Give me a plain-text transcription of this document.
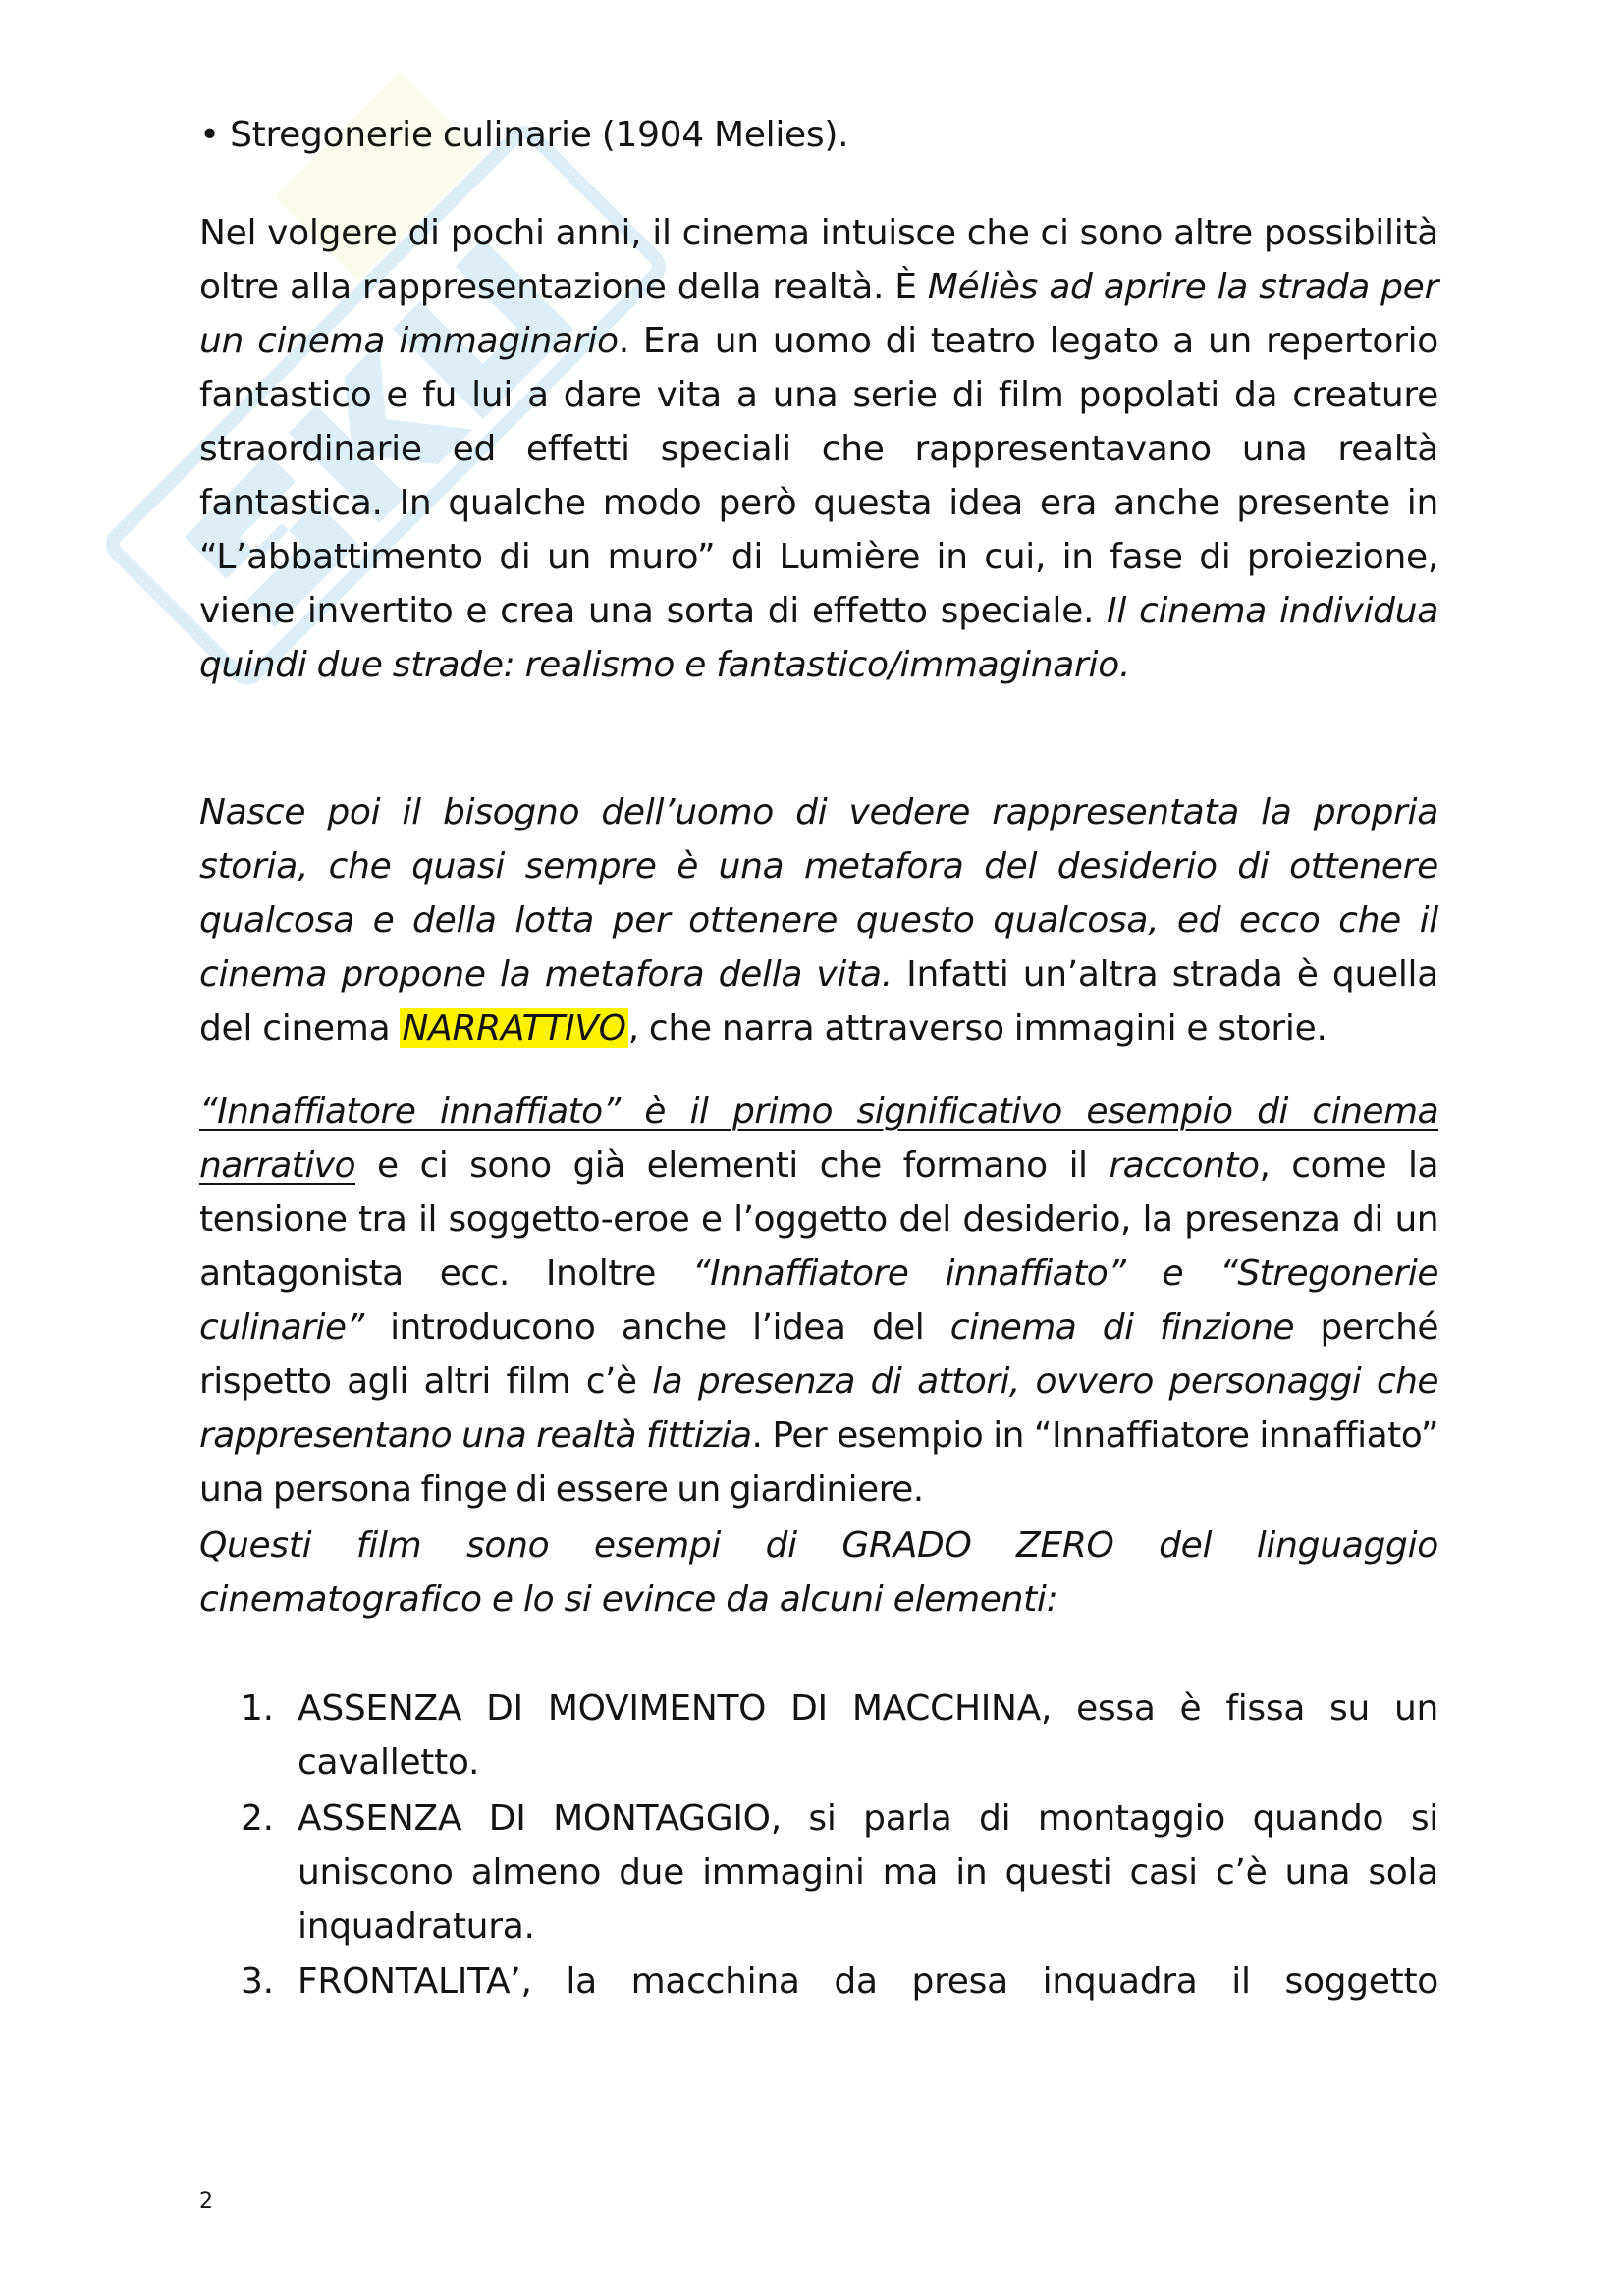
• Stregonerie culinarie (1904 Melies).

Nel volgere di pochi anni, il cinema intuisce che ci sono altre possibilità oltre alla rappresentazione della realtà. È Méliès ad aprire la strada per un cinema immaginario. Era un uomo di teatro legato a un repertorio fantastico e fu lui a dare vita a una serie di film popolati da creature straordinarie ed effetti speciali che rappresentavano una realtà fantastica. In qualche modo però questa idea era anche presente in “L’abbattimento di un muro” di Lumière in cui, in fase di proiezione, viene invertito e crea una sorta di effetto speciale. Il cinema individua quindi due strade: realismo e fantastico/immaginario.

Nasce poi il bisogno dell’uomo di vedere rappresentata la propria storia, che quasi sempre è una metafora del desiderio di ottenere qualcosa e della lotta per ottenere questo qualcosa, ed ecco che il cinema propone la metafora della vita. Infatti un’altra strada è quella del cinema NARRATTIVO, che narra attraverso immagini e storie.

“Innaffiatore innaffiato” è il primo significativo esempio di cinema narrativo e ci sono già elementi che formano il racconto, come la tensione tra il soggetto-eroe e l’oggetto del desiderio, la presenza di un antagonista ecc. Inoltre “Innaffiatore innaffiato” e “Stregonerie culinarie” introducono anche l’idea del cinema di finzione perché rispetto agli altri film c’è la presenza di attori, ovvero personaggi che rappresentano una realtà fittizia. Per esempio in “Innaffiatore innaffiato” una persona finge di essere un giardiniere.

Questi film sono esempi di GRADO ZERO del linguaggio cinematografico e lo si evince da alcuni elementi:

1. ASSENZA DI MOVIMENTO DI MACCHINA, essa è fissa su un cavalletto.

2. ASSENZA DI MONTAGGIO, si parla di montaggio quando si uniscono almeno due immagini ma in questi casi c’è una sola inquadratura.

3. FRONTALITA’, la macchina da presa inquadra il soggetto

2
